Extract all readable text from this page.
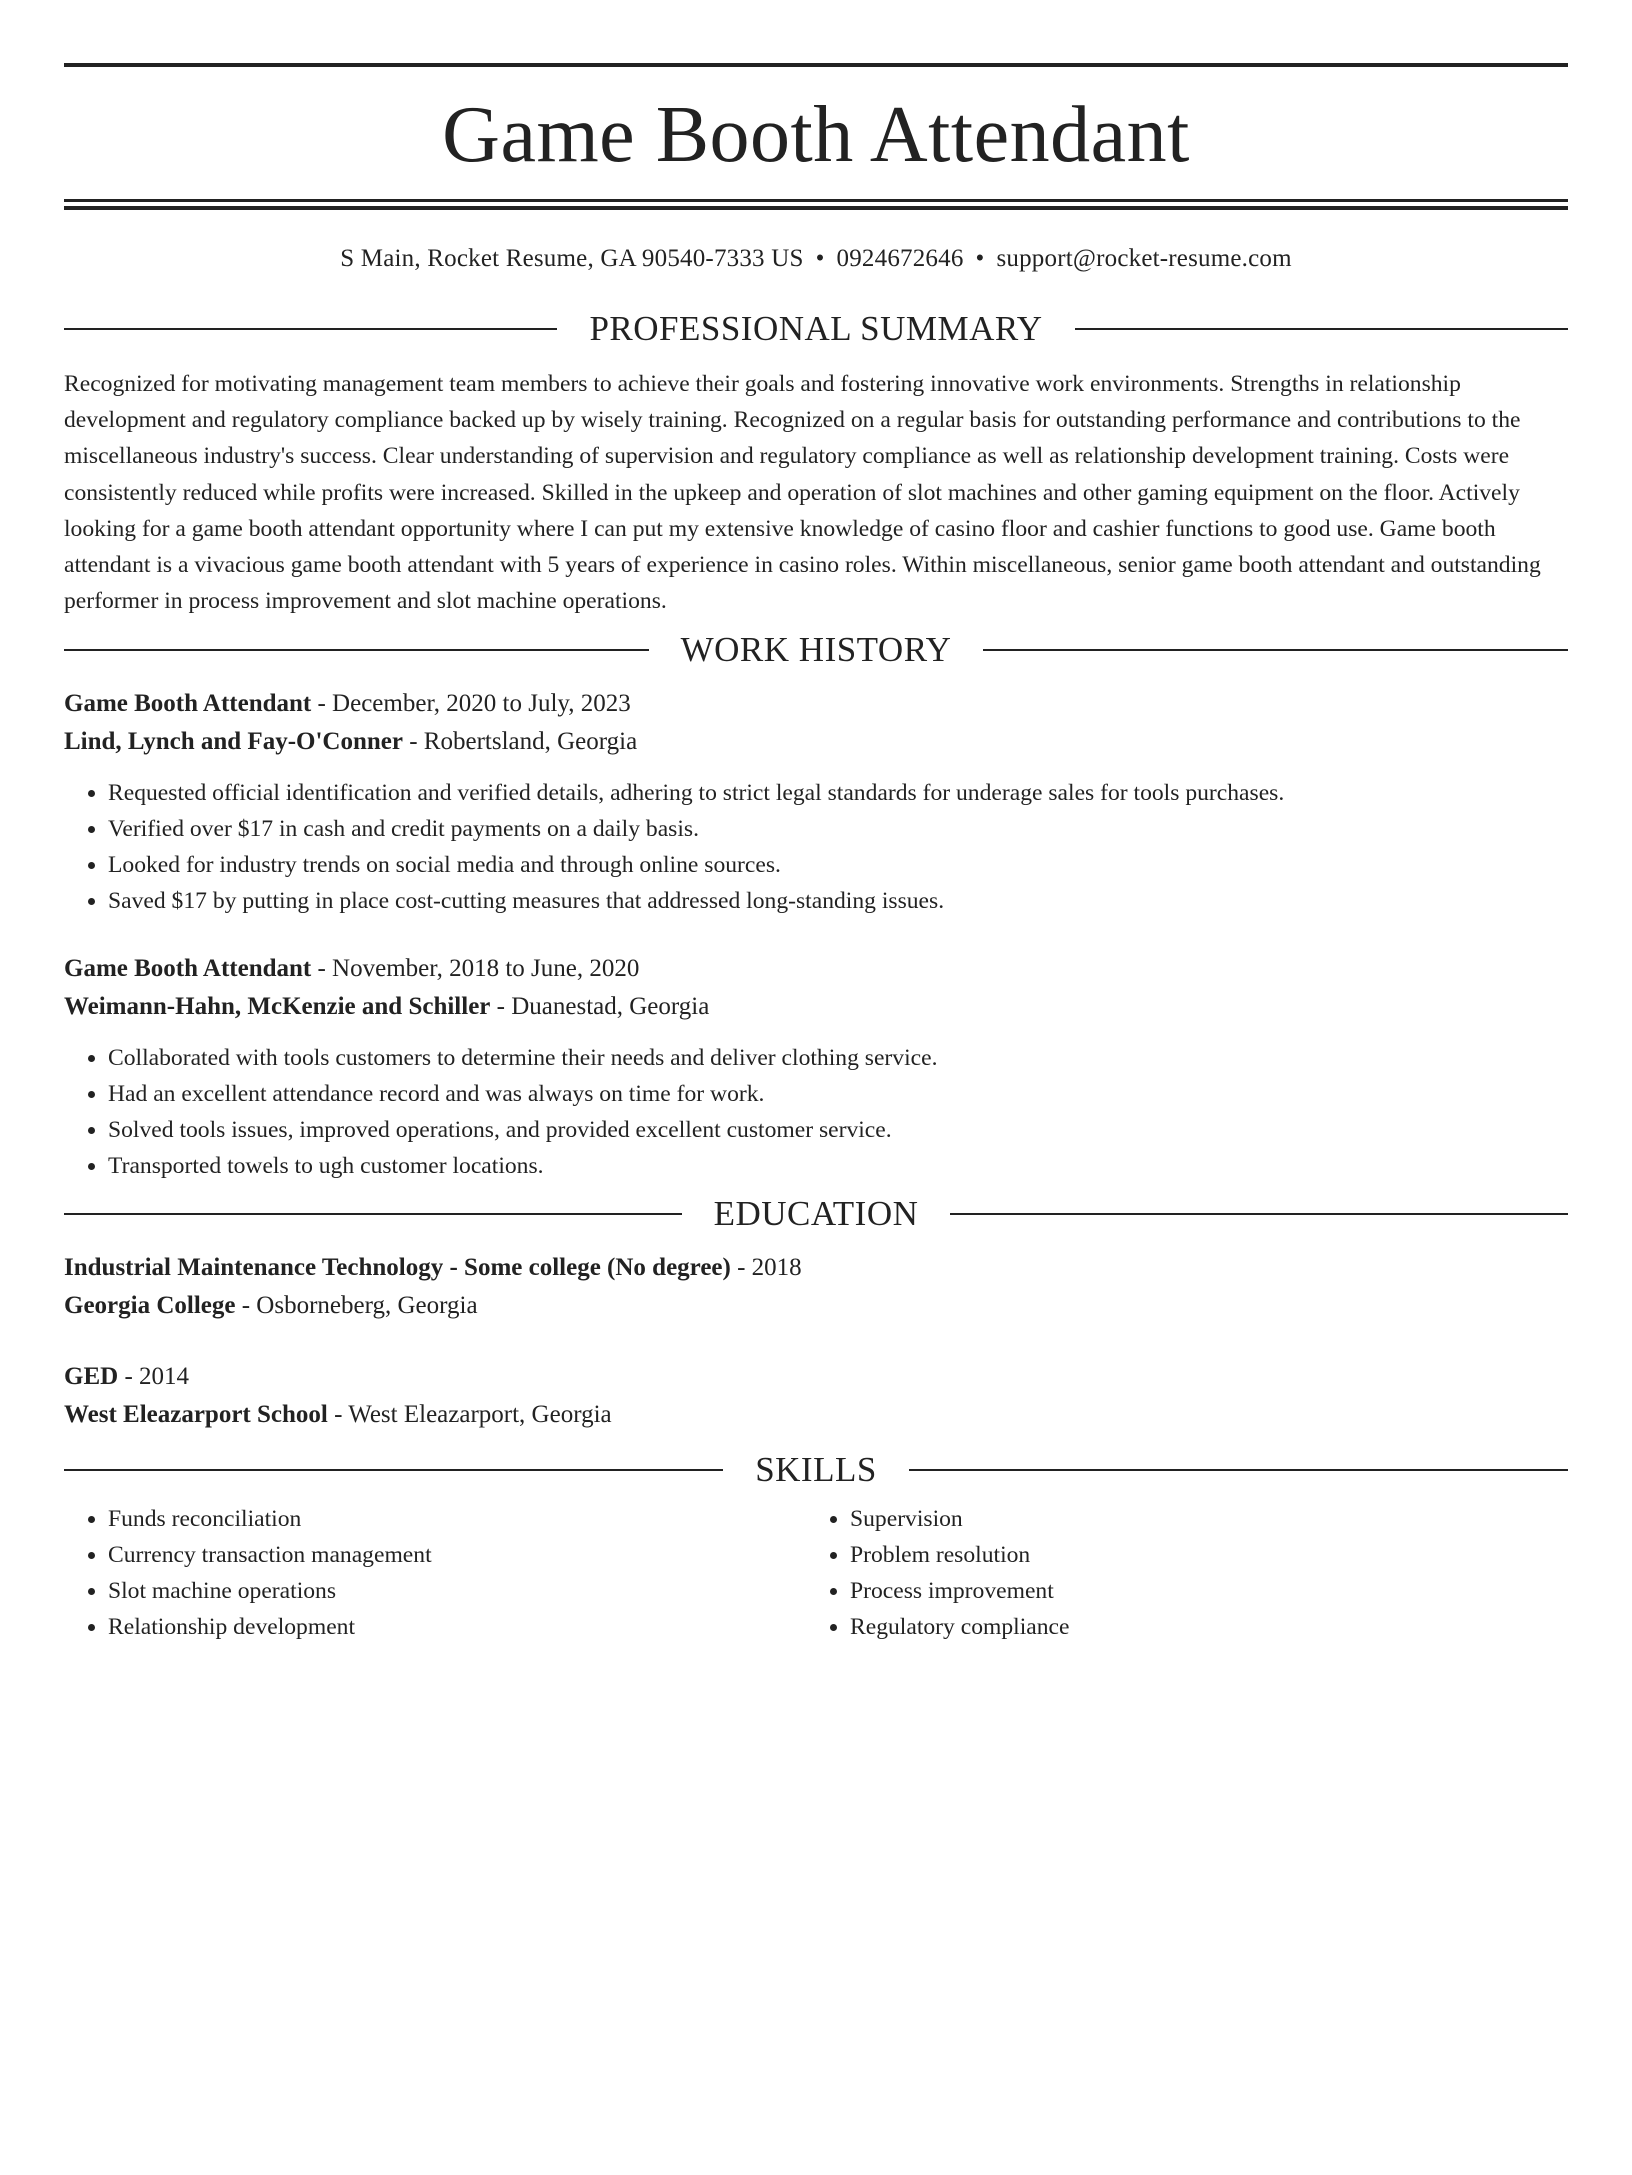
Game Booth Attendant
S Main, Rocket Resume, GA 90540-7333 US • 0924672646 • support@rocket-resume.com
PROFESSIONAL SUMMARY

Recognized for motivating management team members to achieve their goals and fostering innovative work environments. Strengths in relationship development and regulatory compliance backed up by wisely training. Recognized on a regular basis for outstanding performance and contributions to the miscellaneous industry's success. Clear understanding of supervision and regulatory compliance as well as relationship development training. Costs were consistently reduced while profits were increased. Skilled in the upkeep and operation of slot machines and other gaming equipment on the floor. Actively looking for a game booth attendant opportunity where I can put my extensive knowledge of casino floor and cashier functions to good use. Game booth attendant is a vivacious game booth attendant with 5 years of experience in casino roles. Within miscellaneous, senior game booth attendant and outstanding performer in process improvement and slot machine operations.

WORK HISTORY
Game Booth Attendant - December, 2020 to July, 2023
Lind, Lynch and Fay-O'Conner - Robertsland, Georgia
• Requested official identification and verified details, adhering to strict legal standards for underage sales for tools purchases.
• Verified over $17 in cash and credit payments on a daily basis.
• Looked for industry trends on social media and through online sources.
• Saved $17 by putting in place cost-cutting measures that addressed long-standing issues.
Game Booth Attendant - November, 2018 to June, 2020
Weimann-Hahn, McKenzie and Schiller - Duanestad, Georgia
• Collaborated with tools customers to determine their needs and deliver clothing service.
• Had an excellent attendance record and was always on time for work.
• Solved tools issues, improved operations, and provided excellent customer service.
• Transported towels to ugh customer locations.
EDUCATION
Industrial Maintenance Technology - Some college (No degree) - 2018
Georgia College - Osborneberg, Georgia
GED - 2014
West Eleazarport School - West Eleazarport, Georgia
SKILLS
• Funds reconciliation
• Currency transaction management
• Slot machine operations
• Relationship development
• Supervision
• Problem resolution
• Process improvement
• Regulatory compliance
